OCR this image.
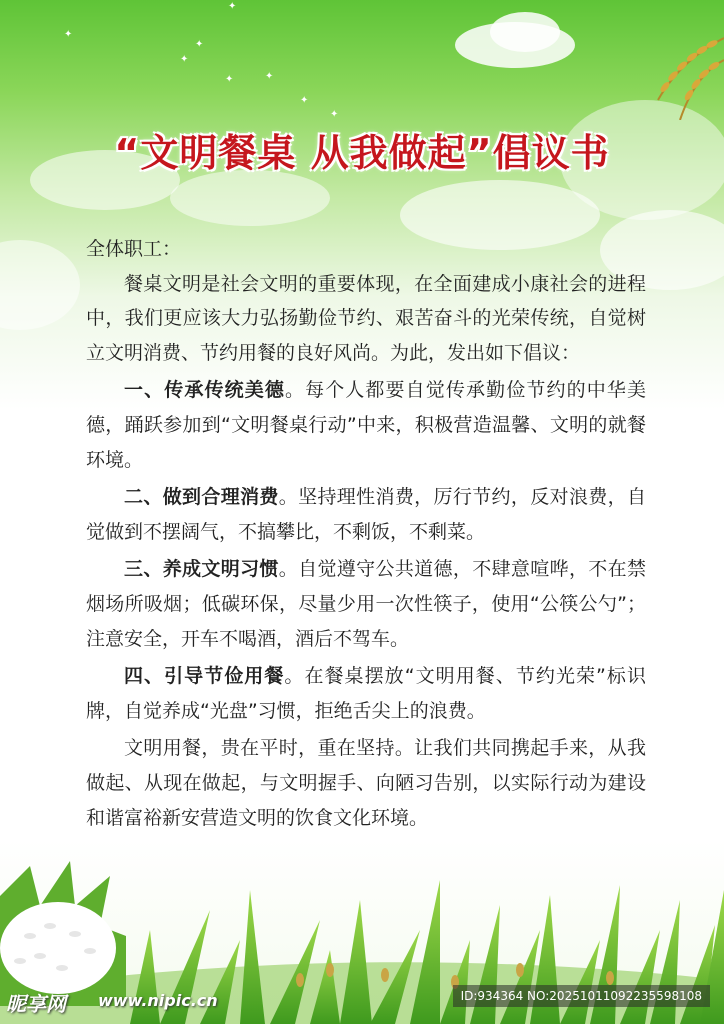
✦
✦
✦
✦	✦
✦
✦
✦
“文明餐桌 从我做起”倡议书

全体职工：

餐桌文明是社会文明的重要体现，在全面建成小康社会的进程中，我们更应该大力弘扬勤俭节约、艰苦奋斗的光荣传统，自觉树立文明消费、节约用餐的良好风尚。为此，发出如下倡议：

一、传承传统美德。每个人都要自觉传承勤俭节约的中华美德，踊跃参加到“文明餐桌行动”中来，积极营造温馨、文明的就餐环境。

二、做到合理消费。坚持理性消费，厉行节约，反对浪费，自觉做到不摆阔气，不搞攀比，不剩饭，不剩菜。

三、养成文明习惯。自觉遵守公共道德，不肆意喧哗，不在禁烟场所吸烟；低碳环保，尽量少用一次性筷子，使用“公筷公勺”；注意安全，开车不喝酒，酒后不驾车。

四、引导节俭用餐。在餐桌摆放“文明用餐、节约光荣”标识牌，自觉养成“光盘”习惯，拒绝舌尖上的浪费。

文明用餐，贵在平时，重在坚持。让我们共同携起手来，从我做起、从现在做起，与文明握手、向陋习告别，以实际行动为建设和谐富裕新安营造文明的饮食文化环境。

昵享网 www.nipic.cn	ID:934364 NO:20251011092235598108
